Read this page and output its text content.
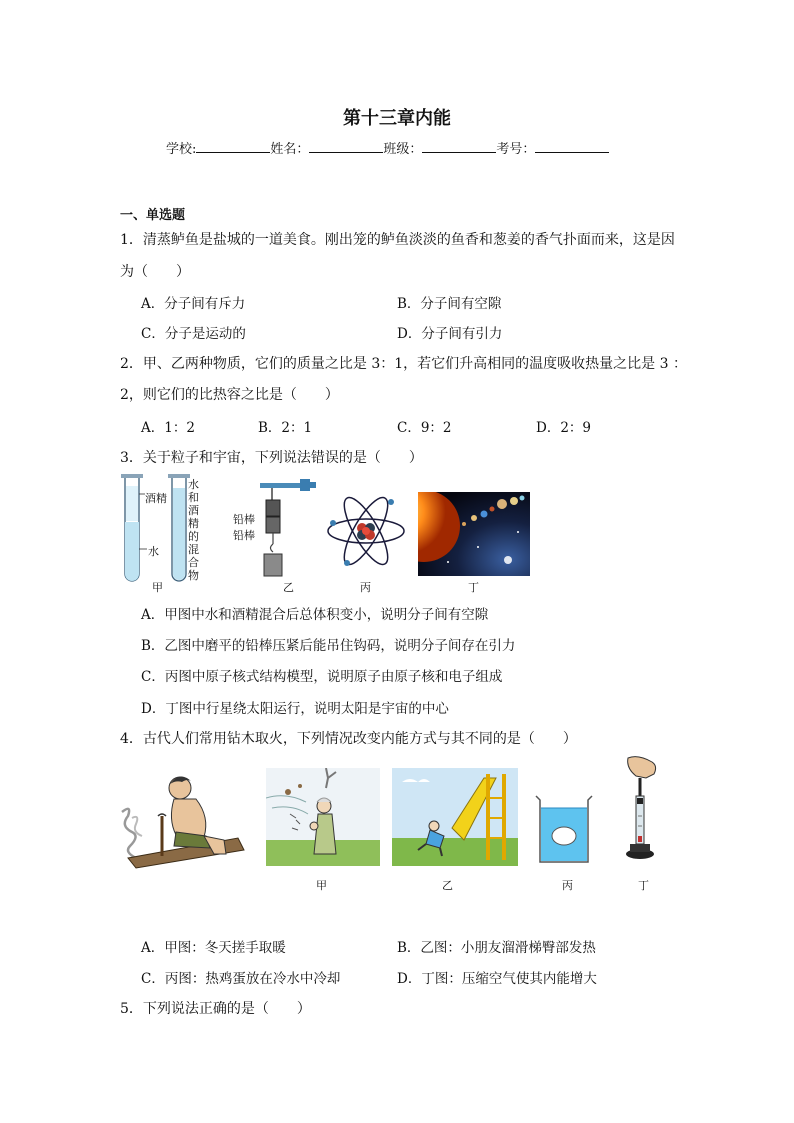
第十三章内能
学校:	姓名：	班级：	考号：
一、单选题
1．清蒸鲈鱼是盐城的一道美食。刚出笼的鲈鱼淡淡的鱼香和葱姜的香气扑面而来，这是因
为（　　）
A．分子间有斥力	B．分子间有空隙
C．分子是运动的	D．分子间有引力
2．甲、乙两种物质，它们的质量之比是 3：1，若它们升高相同的温度吸收热量之比是 3 ：
2，则它们的比热容之比是（　　）
A．1：2	B．2：1	C．9：2	D．2：9
3．关于粒子和宇宙，下列说法错误的是（　　）
酒精
水
水和酒精的混合物
甲
铅棒
铅棒
乙	丙	丁
A．甲图中水和酒精混合后总体积变小，说明分子间有空隙
B．乙图中磨平的铅棒压紧后能吊住钩码，说明分子间存在引力
C．丙图中原子核式结构模型，说明原子由原子核和电子组成
D．丁图中行星绕太阳运行，说明太阳是宇宙的中心
4．古代人们常用钻木取火，下列情况改变内能方式与其不同的是（　　）
甲	乙	丙	丁
A．甲图：冬天搓手取暖	B．乙图：小朋友溜滑梯臀部发热
C．丙图：热鸡蛋放在冷水中冷却	D．丁图：压缩空气使其内能增大
5．下列说法正确的是（　　）
